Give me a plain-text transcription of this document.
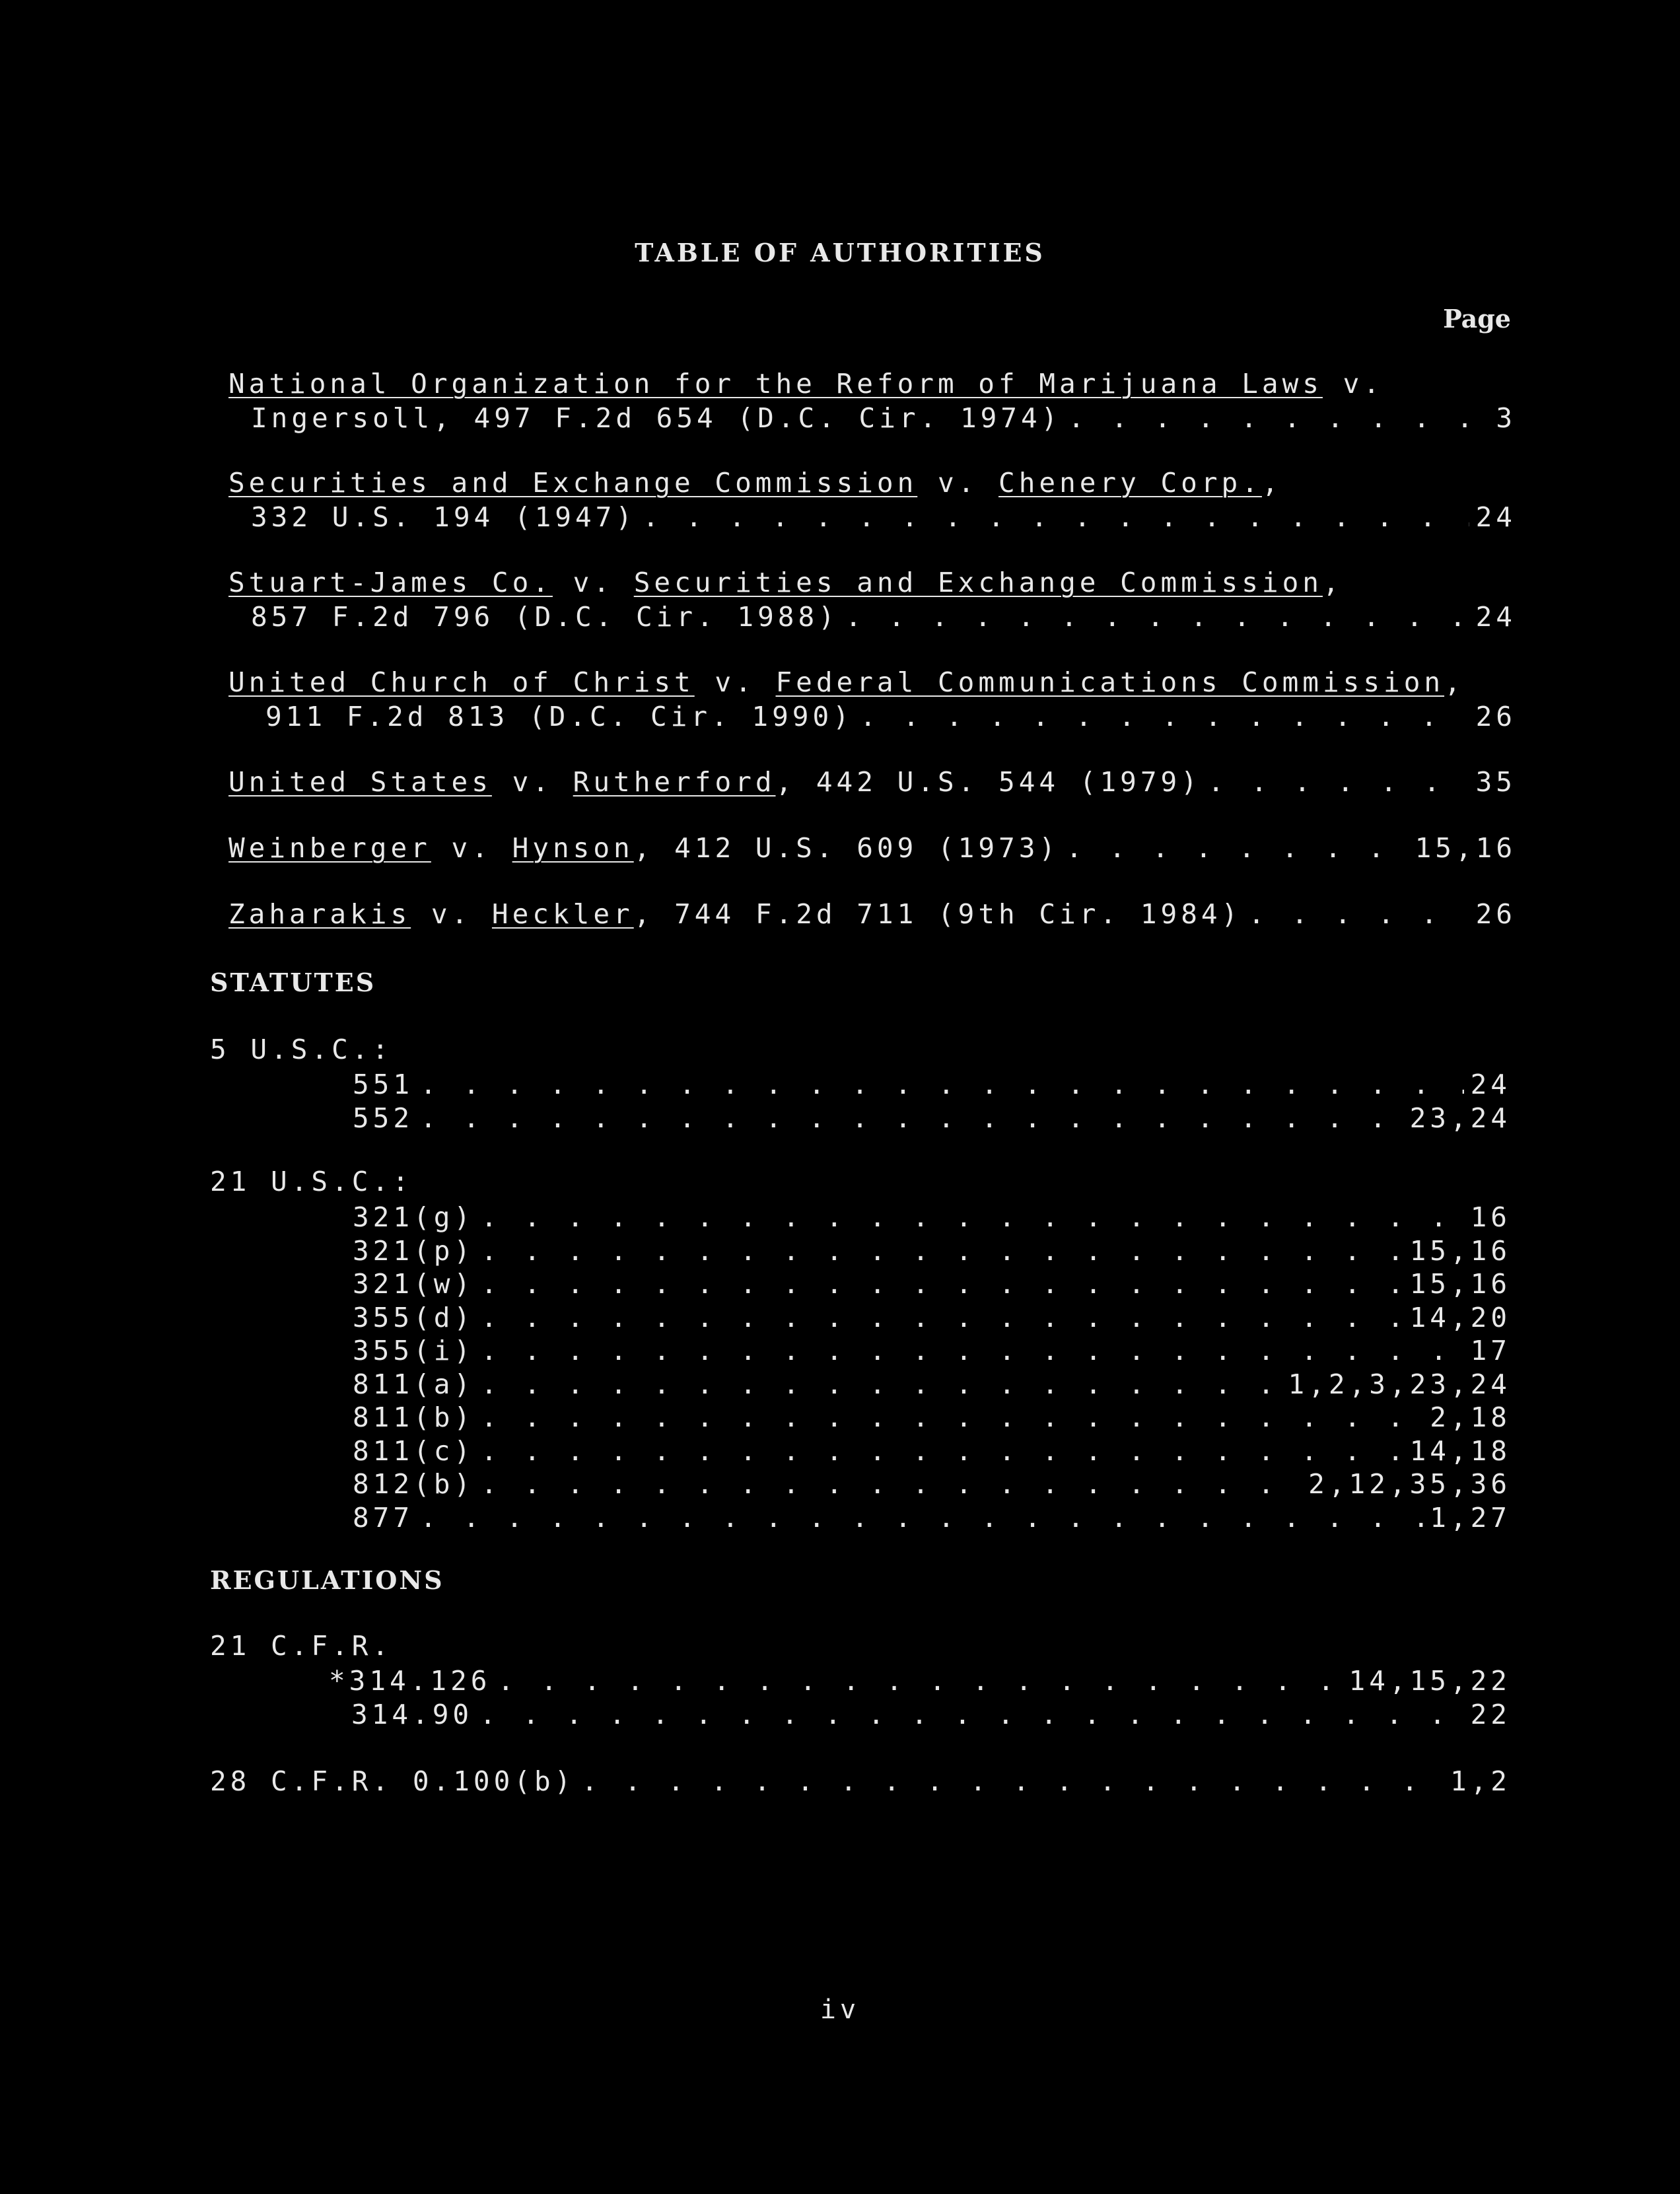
TABLE OF AUTHORITIES
Page
National Organization for the Reform of Marijuana Laws v.
Ingersoll, 497 F.2d 654 (D.C. Cir. 1974) . . .	3
Securities and Exchange Commission v. Chenery Corp.,
332 U.S. 194 (1947) . . .	24
Stuart-James Co. v. Securities and Exchange Commission,
857 F.2d 796 (D.C. Cir. 1988) . . .	24
United Church of Christ v. Federal Communications Commission,
911 F.2d 813 (D.C. Cir. 1990) . . .	26
United States v. Rutherford, 442 U.S. 544 (1979) . . .	35
Weinberger v. Hynson, 412 U.S. 609 (1973) . . .	15,16
Zaharakis v. Heckler, 744 F.2d 711 (9th Cir. 1984) . . .	26
STATUTES
5 U.S.C.:
551 . . .	24
552 . . .	23,24
21 U.S.C.:
321(g) . . .	16
321(p) . . .	15,16
321(w) . . .	15,16
355(d) . . .	14,20
355(i) . . .	17
811(a) . . .	1,2,3,23,24
811(b) . . .	2,18
811(c) . . .	14,18
812(b) . . .	2,12,35,36
877 . . .	1,27
REGULATIONS
21 C.F.R.
*314.126 . . .	14,15,22
314.90 . . .	22
28 C.F.R. 0.100(b) . . .	1,2
iv
